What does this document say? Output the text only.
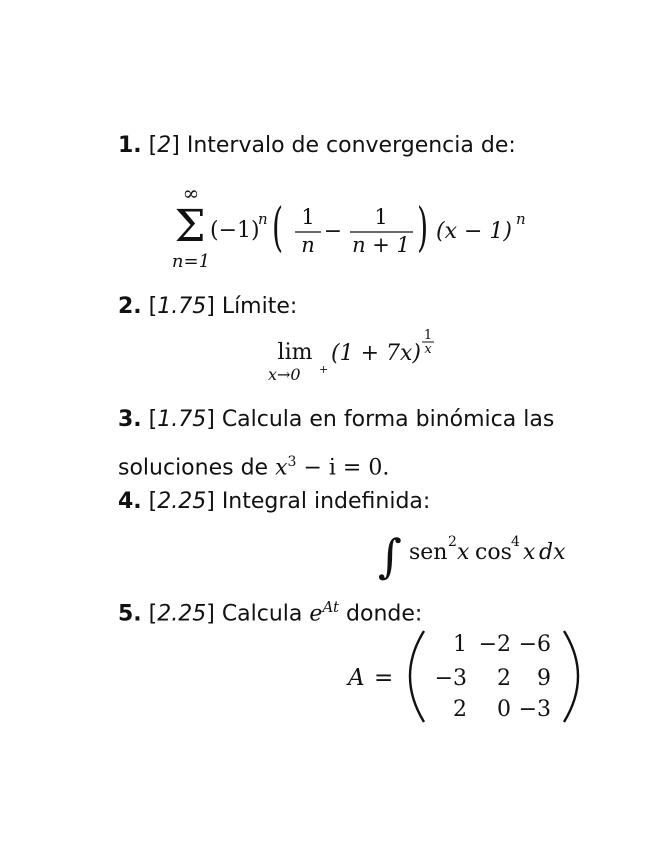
1. [2] Intervalo de convergencia de:
∞
Σ
n=1
(−1)
n ( 1
n
−
1
n + 1 ) (x − 1) n
2. [1.75] Límite:
lim
x→0 +
(1 + 7x)
1
x
3. [1.75] Calcula en forma binómica las
soluciones de $x^3 - i = 0$.
4. [2.25] Integral indefinida:
∫ sen 2 x cos 4 x dx
5. [2.25] Calcula $e^{At}$ donde:
A =
1 −2 −6
−3 2 9
2 0 −3
